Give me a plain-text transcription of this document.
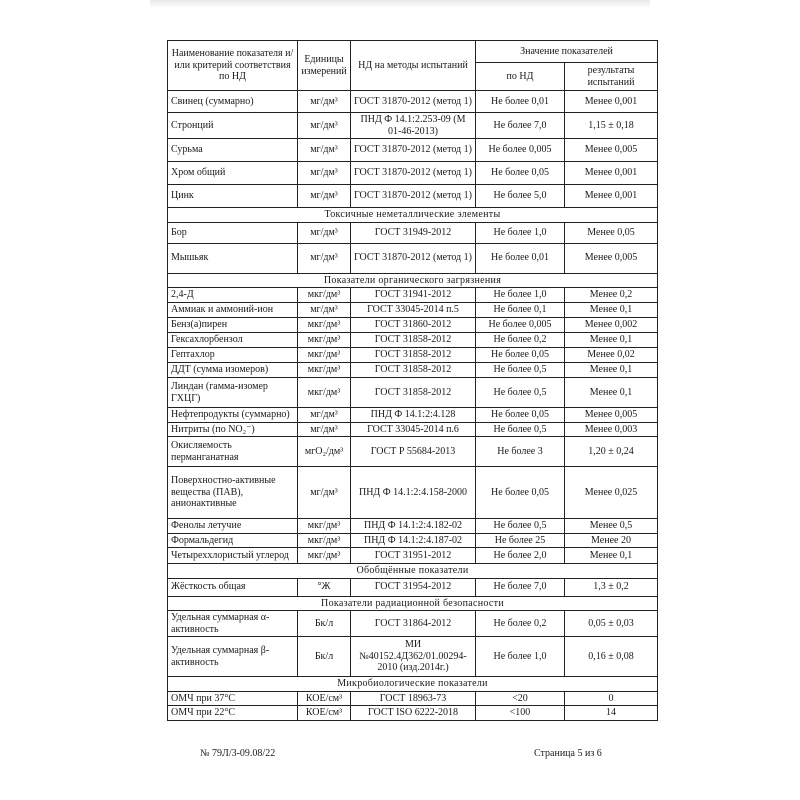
Наименование показателя и/или критерий соответствия по НД	Единицы измерений	НД на методы испытаний	Значение показателей	
			по НД	результаты испытаний
Свинец (суммарно)	мг/дм³	ГОСТ 31870-2012 (метод 1)	Не более 0,01	Менее 0,001
Стронций	мг/дм³	ПНД Ф 14.1:2.253-09 (М 01-46-2013)	Не более 7,0	1,15 ± 0,18
Сурьма	мг/дм³	ГОСТ 31870-2012 (метод 1)	Не более 0,005	Менее 0,005
Хром общий	мг/дм³	ГОСТ 31870-2012 (метод 1)	Не более 0,05	Менее 0,001
Цинк	мг/дм³	ГОСТ 31870-2012 (метод 1)	Не более 5,0	Менее 0,001
Токсичные неметаллические элементы				
Бор	мг/дм³	ГОСТ 31949-2012	Не более 1,0	Менее 0,05
Мышьяк	мг/дм³	ГОСТ 31870-2012 (метод 1)	Не более 0,01	Менее 0,005
Показатели органического загрязнения				
2,4-Д	мкг/дм³	ГОСТ 31941-2012	Не более 1,0	Менее 0,2
Аммиак и аммоний-ион	мг/дм³	ГОСТ 33045-2014 п.5	Не более 0,1	Менее 0,1
Бенз(а)пирен	мкг/дм³	ГОСТ 31860-2012	Не более 0,005	Менее 0,002
Гексахлорбензол	мкг/дм³	ГОСТ 31858-2012	Не более 0,2	Менее 0,1
Гептахлор	мкг/дм³	ГОСТ 31858-2012	Не более 0,05	Менее 0,02
ДДТ (сумма изомеров)	мкг/дм³	ГОСТ 31858-2012	Не более 0,5	Менее 0,1
Линдан (гамма-изомер ГХЦГ)	мкг/дм³	ГОСТ 31858-2012	Не более 0,5	Менее 0,1
Нефтепродукты (суммарно)	мг/дм³	ПНД Ф 14.1:2:4.128	Не более 0,05	Менее 0,005
Нитриты (по NO₂⁻)	мг/дм³	ГОСТ 33045-2014 п.6	Не более 0,5	Менее 0,003
Окисляемость перманганатная	мгО₂/дм³	ГОСТ Р 55684-2013	Не более 3	1,20 ± 0,24
Поверхностно-активные вещества (ПАВ), анионактивные	мг/дм³	ПНД Ф 14.1:2:4.158-2000	Не более 0,05	Менее 0,025
Фенолы летучие	мкг/дм³	ПНД Ф 14.1:2:4.182-02	Не более 0,5	Менее 0,5
Формальдегид	мкг/дм³	ПНД Ф 14.1:2:4.187-02	Не более 25	Менее 20
Четыреххлористый углерод	мкг/дм³	ГОСТ 31951-2012	Не более 2,0	Менее 0,1
Обобщённые показатели				
Жёсткость общая	°Ж	ГОСТ 31954-2012	Не более 7,0	1,3 ± 0,2
Показатели радиационной безопасности				
Удельная суммарная α- активность	Бк/л	ГОСТ 31864-2012	Не более 0,2	0,05 ± 0,03
Удельная суммарная β- активность	Бк/л	МИ №40152.4Д362/01.00294-2010 (изд.2014г.)	Не более 1,0	0,16 ± 0,08
Микробиологические показатели				
ОМЧ при 37°С	КОЕ/см³	ГОСТ 18963-73	<20	0
ОМЧ при 22°С	КОЕ/см³	ГОСТ ISO 6222-2018	<100	14
№ 79Л/3-09.08/22	Страница 5 из 6
